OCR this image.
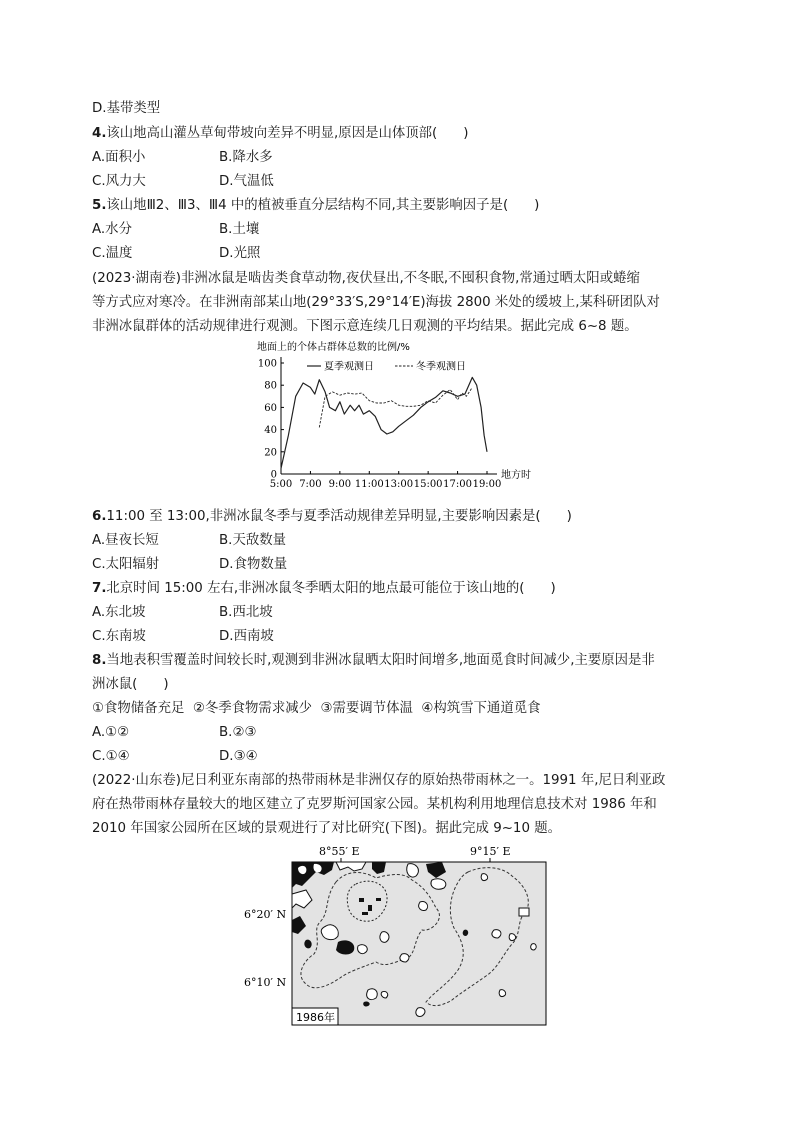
D.基带类型
4.该山地高山灌丛草甸带坡向差异不明显,原因是山体顶部( )
A.面积小	B.降水多
C.风力大	D.气温低
5.该山地Ⅲ2、Ⅲ3、Ⅲ4 中的植被垂直分层结构不同,其主要影响因子是( )
A.水分	B.土壤
C.温度	D.光照
(2023·湖南卷)非洲冰鼠是啮齿类食草动物,夜伏昼出,不冬眠,不囤积食物,常通过晒太阳或蜷缩
等方式应对寒冷。在非洲南部某山地(29°33′S,29°14′E)海拔 2800 米处的缓坡上,某科研团队对
非洲冰鼠群体的活动规律进行观测。下图示意连续几日观测的平均结果。据此完成 6~8 题。
地面上的个体占群体总数的比例/%
0
20
40
60
80
100
5:00 7:00 9:00 11:00 13:00 15:00 17:00 19:00
地方时
夏季观测日	冬季观测日
6.11:00 至 13:00,非洲冰鼠冬季与夏季活动规律差异明显,主要影响因素是( )
A.昼夜长短	B.天敌数量
C.太阳辐射	D.食物数量
7.北京时间 15:00 左右,非洲冰鼠冬季晒太阳的地点最可能位于该山地的( )
A.东北坡	B.西北坡
C.东南坡	D.西南坡
8.当地表积雪覆盖时间较长时,观测到非洲冰鼠晒太阳时间增多,地面觅食时间减少,主要原因是非
洲冰鼠( )
①食物储备充足  ②冬季食物需求减少  ③需要调节体温  ④构筑雪下通道觅食
A.①②	B.②③
C.①④	D.③④
(2022·山东卷)尼日利亚东南部的热带雨林是非洲仅存的原始热带雨林之一。1991 年,尼日利亚政
府在热带雨林存量较大的地区建立了克罗斯河国家公园。某机构利用地理信息技术对 1986 年和
2010 年国家公园所在区域的景观进行了对比研究(下图)。据此完成 9~10 题。
8°55′ E	9°15′ E
6°20′ N
6°10′ N
1986年
